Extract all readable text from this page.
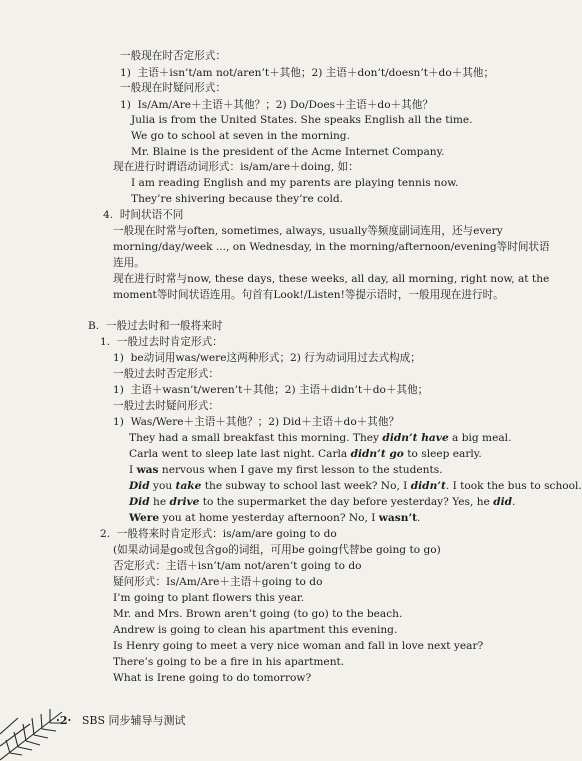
一般现在时否定形式：
1)  主语＋isn’t/am not/aren’t＋其他；2) 主语＋don’t/doesn’t＋do＋其他；
一般现在时疑问形式：
1)  Is/Am/Are＋主语＋其他？；2) Do/Does＋主语＋do＋其他？
Julia is from the United States. She speaks English all the time.
We go to school at seven in the morning.
Mr. Blaine is the president of the Acme Internet Company.
现在进行时谓语动词形式：is/am/are＋doing, 如：
I am reading English and my parents are playing tennis now.
They’re shivering because they’re cold.
4.  时间状语不同
一般现在时常与often, sometimes, always, usually等频度副词连用，还与every
morning/day/week ..., on Wednesday, in the morning/afternoon/evening等时间状语
连用。
现在进行时常与now, these days, these weeks, all day, all morning, right now, at the
moment等时间状语连用。句首有Look!/Listen!等提示语时，一般用现在进行时。
B.  一般过去时和一般将来时
1.  一般过去时肯定形式：
1)  be动词用was/were这两种形式；2) 行为动词用过去式构成；
一般过去时否定形式：
1)  主语＋wasn’t/weren’t＋其他；2) 主语＋didn’t＋do＋其他；
一般过去时疑问形式：
1)  Was/Were＋主语＋其他？；2) Did＋主语＋do＋其他？
They had a small breakfast this morning. They didn’t have a big meal.
Carla went to sleep late last night. Carla didn’t go to sleep early.
I was nervous when I gave my first lesson to the students.
Did you take the subway to school last week? No, I didn’t. I took the bus to school.
Did he drive to the supermarket the day before yesterday? Yes, he did.
Were you at home yesterday afternoon? No, I wasn’t.
2.  一般将来时肯定形式：is/am/are going to do
(如果动词是go或包含go的词组，可用be going代替be going to go)
否定形式：主语＋isn’t/am not/aren’t going to do
疑问形式：Is/Am/Are＋主语＋going to do
I’m going to plant flowers this year.
Mr. and Mrs. Brown aren’t going (to go) to the beach.
Andrew is going to clean his apartment this evening.
Is Henry going to meet a very nice woman and fall in love next year?
There’s going to be a fire in his apartment.
What is Irene going to do tomorrow?
·2· SBS 同步辅导与测试
